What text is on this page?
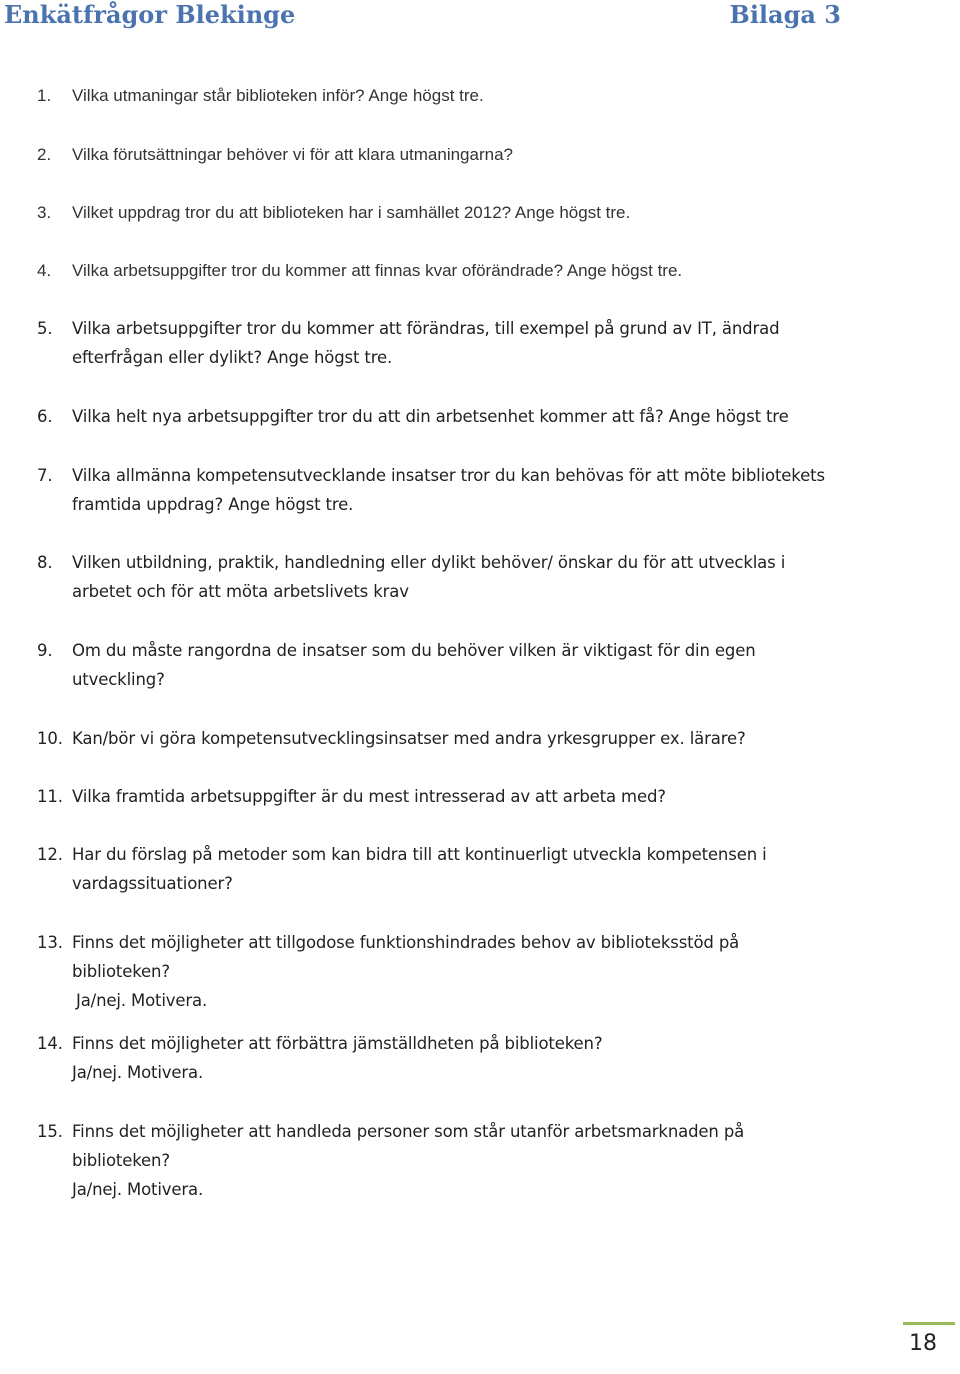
Enkätfrågor Blekinge	Bilaga 3
1. Vilka utmaningar står biblioteken inför? Ange högst tre.
2. Vilka förutsättningar behöver vi för att klara utmaningarna?
3. Vilket uppdrag tror du att biblioteken har i samhället 2012? Ange högst tre.
4. Vilka arbetsuppgifter tror du kommer att finnas kvar oförändrade? Ange högst tre.
5. Vilka arbetsuppgifter tror du kommer att förändras, till exempel på grund av IT, ändrad
efterfrågan eller dylikt? Ange högst tre.
6. Vilka helt nya arbetsuppgifter tror du att din arbetsenhet kommer att få? Ange högst tre
7. Vilka allmänna kompetensutvecklande insatser tror du kan behövas för att möte bibliotekets
framtida uppdrag? Ange högst tre.
8. Vilken utbildning, praktik, handledning eller dylikt behöver/ önskar du för att utvecklas i
arbetet och för att möta arbetslivets krav
9. Om du måste rangordna de insatser som du behöver vilken är viktigast för din egen
utveckling?
10. Kan/bör vi göra kompetensutvecklingsinsatser med andra yrkesgrupper ex. lärare?
11. Vilka framtida arbetsuppgifter är du mest intresserad av att arbeta med?
12. Har du förslag på metoder som kan bidra till att kontinuerligt utveckla kompetensen i
vardagssituationer?
13. Finns det möjligheter att tillgodose funktionshindrades behov av biblioteksstöd på
biblioteken?
Ja/nej. Motivera.
14. Finns det möjligheter att förbättra jämställdheten på biblioteken?
Ja/nej. Motivera.
15. Finns det möjligheter att handleda personer som står utanför arbetsmarknaden på
biblioteken?
Ja/nej. Motivera.
18
